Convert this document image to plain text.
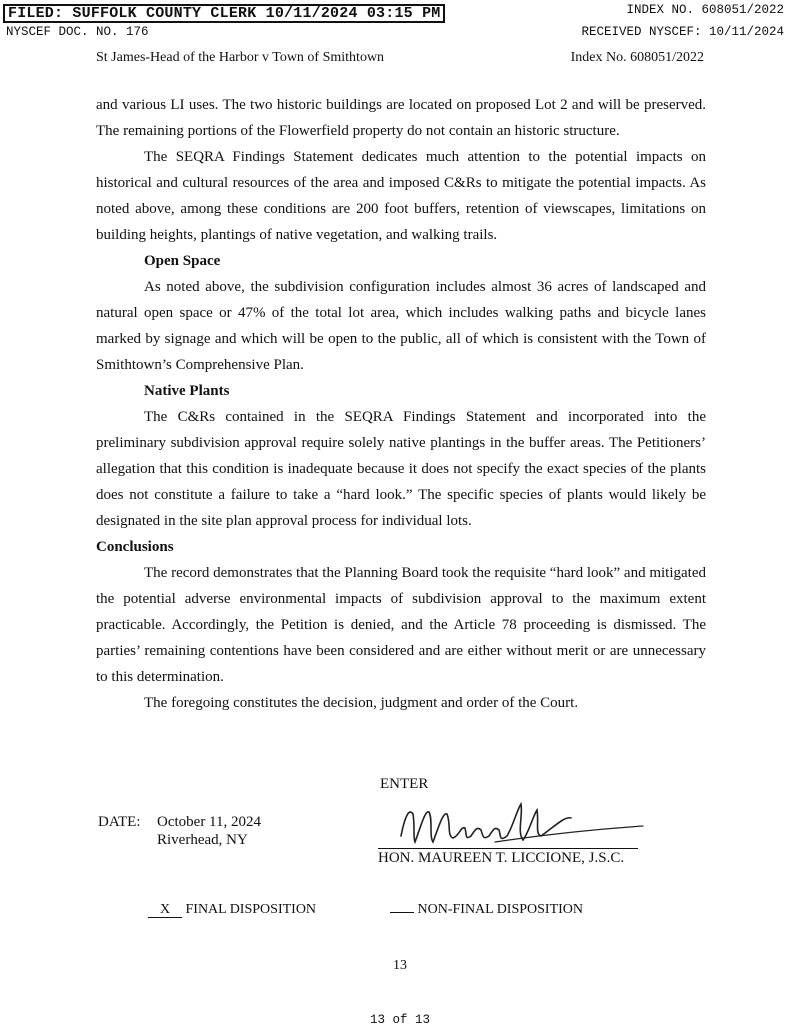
FILED: SUFFOLK COUNTY CLERK 10/11/2024 03:15 PM	INDEX NO. 608051/2022
NYSCEF DOC. NO. 176	RECEIVED NYSCEF: 10/11/2024
St James-Head of the Harbor v Town of Smithtown	Index No. 608051/2022

and various LI uses. The two historic buildings are located on proposed Lot 2 and will be preserved. The remaining portions of the Flowerfield property do not contain an historic structure.

The SEQRA Findings Statement dedicates much attention to the potential impacts on historical and cultural resources of the area and imposed C&Rs to mitigate the potential impacts. As noted above, among these conditions are 200 foot buffers, retention of viewscapes, limitations on building heights, plantings of native vegetation, and walking trails.

Open Space

As noted above, the subdivision configuration includes almost 36 acres of landscaped and natural open space or 47% of the total lot area, which includes walking paths and bicycle lanes marked by signage and which will be open to the public, all of which is consistent with the Town of Smithtown’s Comprehensive Plan.

Native Plants

The C&Rs contained in the SEQRA Findings Statement and incorporated into the preliminary subdivision approval require solely native plantings in the buffer areas. The Petitioners’ allegation that this condition is inadequate because it does not specify the exact species of the plants does not constitute a failure to take a “hard look.” The specific species of plants would likely be designated in the site plan approval process for individual lots.

Conclusions

The record demonstrates that the Planning Board took the requisite “hard look” and mitigated the potential adverse environmental impacts of subdivision approval to the maximum extent practicable. Accordingly, the Petition is denied, and the Article 78 proceeding is dismissed. The parties’ remaining contentions have been considered and are either without merit or are unnecessary to this determination.

The foregoing constitutes the decision, judgment and order of the Court.

ENTER
DATE: October 11, 2024
Riverhead, NY
HON. MAUREEN T. LICCIONE, J.S.C.
X FINAL DISPOSITION	NON-FINAL DISPOSITION
13
13 of 13
